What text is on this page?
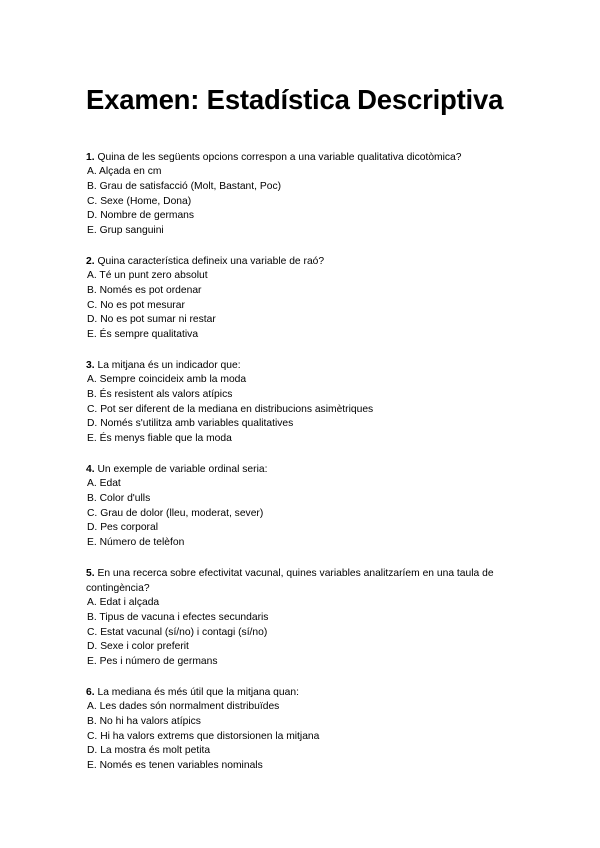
Examen: Estadística Descriptiva

1. Quina de les següents opcions correspon a una variable qualitativa dicotòmica?

A. Alçada en cm
B. Grau de satisfacció (Molt, Bastant, Poc)
C. Sexe (Home, Dona)
D. Nombre de germans
E. Grup sanguini

2. Quina característica defineix una variable de raó?

A. Té un punt zero absolut
B. Només es pot ordenar
C. No es pot mesurar
D. No es pot sumar ni restar
E. És sempre qualitativa

3. La mitjana és un indicador que:

A. Sempre coincideix amb la moda
B. És resistent als valors atípics
C. Pot ser diferent de la mediana en distribucions asimètriques
D. Només s'utilitza amb variables qualitatives
E. És menys fiable que la moda

4. Un exemple de variable ordinal seria:

A. Edat
B. Color d'ulls
C. Grau de dolor (lleu, moderat, sever)
D. Pes corporal
E. Número de telèfon

5. En una recerca sobre efectivitat vacunal, quines variables analitzaríem en una taula de contingència?

A. Edat i alçada
B. Tipus de vacuna i efectes secundaris
C. Estat vacunal (sí/no) i contagi (sí/no)
D. Sexe i color preferit
E. Pes i número de germans

6. La mediana és més útil que la mitjana quan:

A. Les dades són normalment distribuïdes
B. No hi ha valors atípics
C. Hi ha valors extrems que distorsionen la mitjana
D. La mostra és molt petita
E. Només es tenen variables nominals
